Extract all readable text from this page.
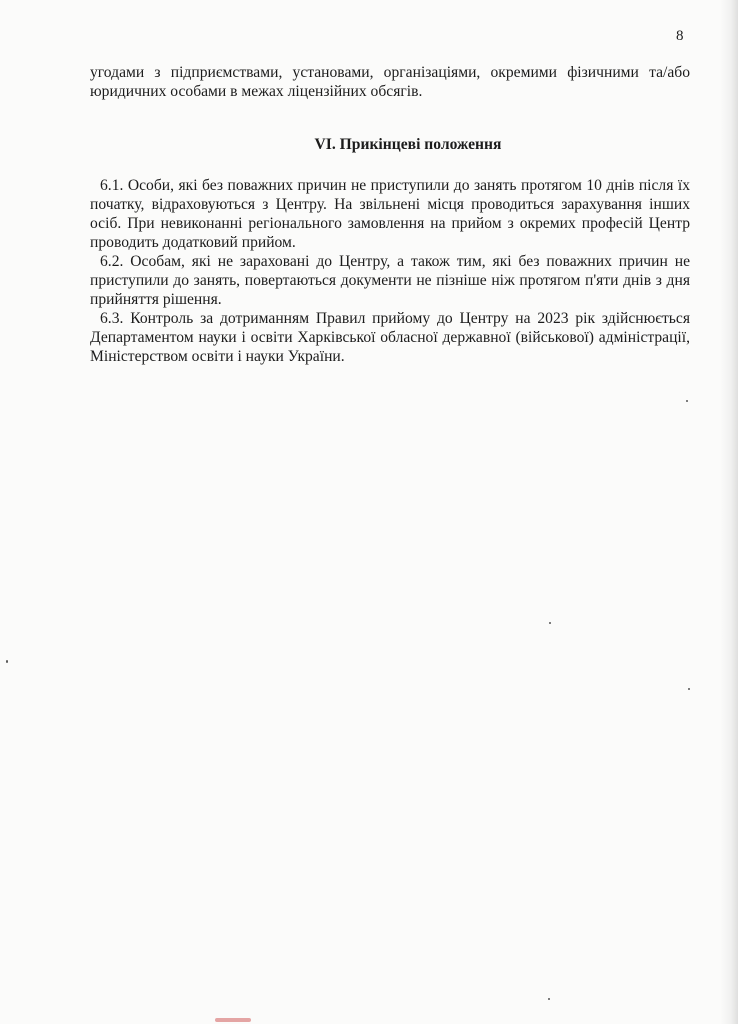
8

угодами з підприємствами, установами, організаціями, окремими фізичними та/або юридичних особами в межах ліцензійних обсягів.

VI. Прикінцеві положення

6.1. Особи, які без поважних причин не приступили до занять протягом 10 днів після їх початку, відраховуються з Центру. На звільнені місця проводиться зарахування інших осіб. При невиконанні регіонального замовлення на прийом з окремих професій Центр проводить додатковий прийом.

6.2. Особам, які не зараховані до Центру, а також тим, які без поважних причин не приступили до занять, повертаються документи не пізніше ніж протягом п'яти днів з дня прийняття рішення.

6.3. Контроль за дотриманням Правил прийому до Центру на 2023 рік здійснюється Департаментом науки і освіти Харківської обласної державної (військової) адміністрації, Міністерством освіти і науки України.
